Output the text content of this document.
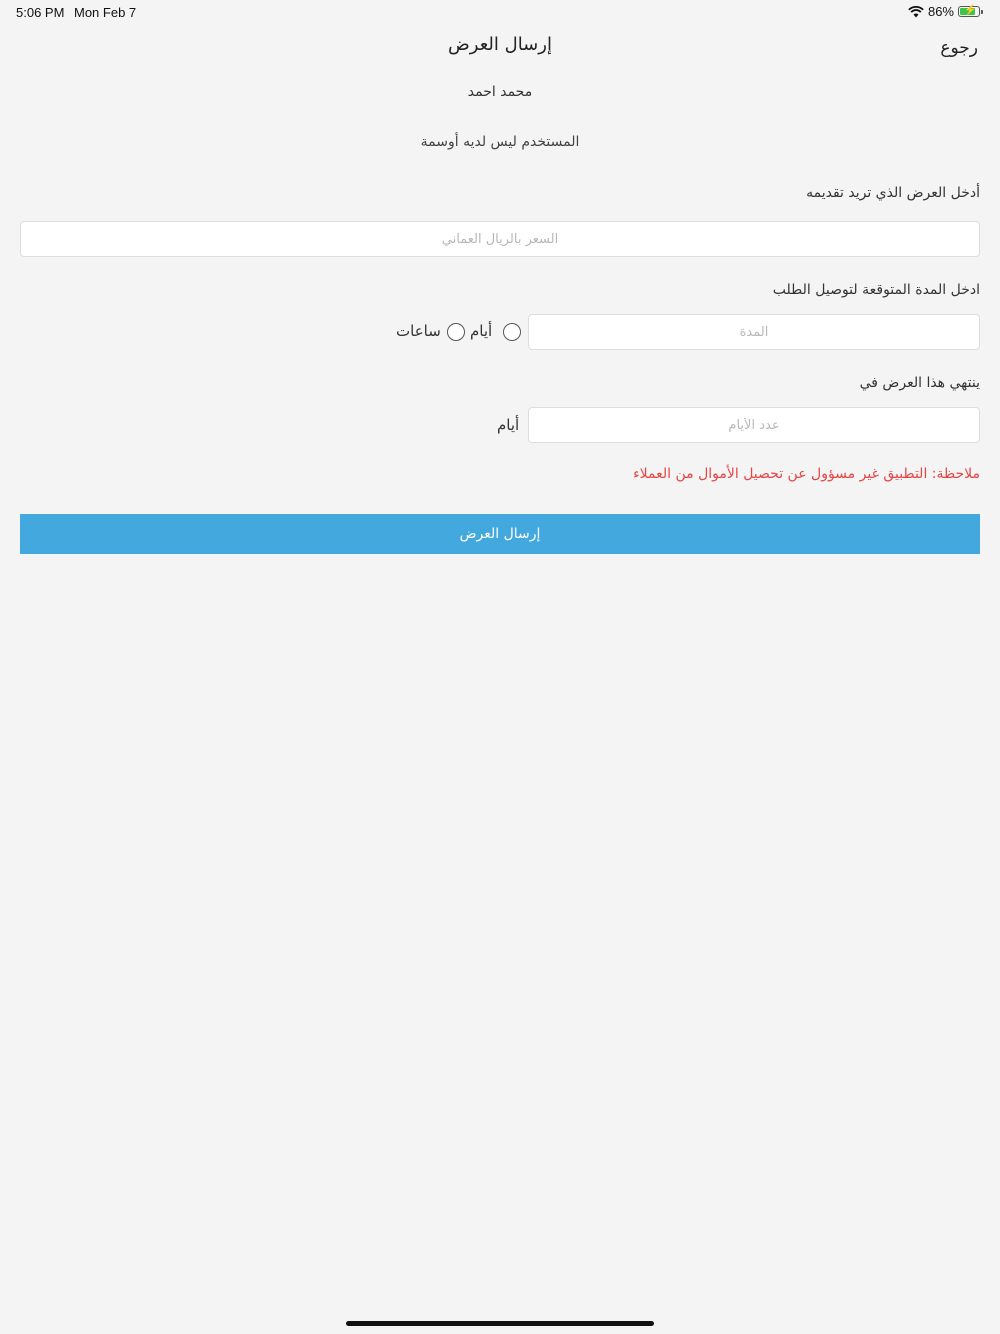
5:06 PM Mon Feb 7	86% ⚡
إرسال العرض	رجوع
محمد احمد
المستخدم ليس لديه أوسمة
أدخل العرض الذي تريد تقديمه
السعر بالريال العماني
ادخل المدة المتوقعة لتوصيل الطلب
المدة
أيام
ساعات
ينتهي هذا العرض في
عدد الأيام
أيام
ملاحظة: التطبيق غير مسؤول عن تحصيل الأموال من العملاء
إرسال العرض
